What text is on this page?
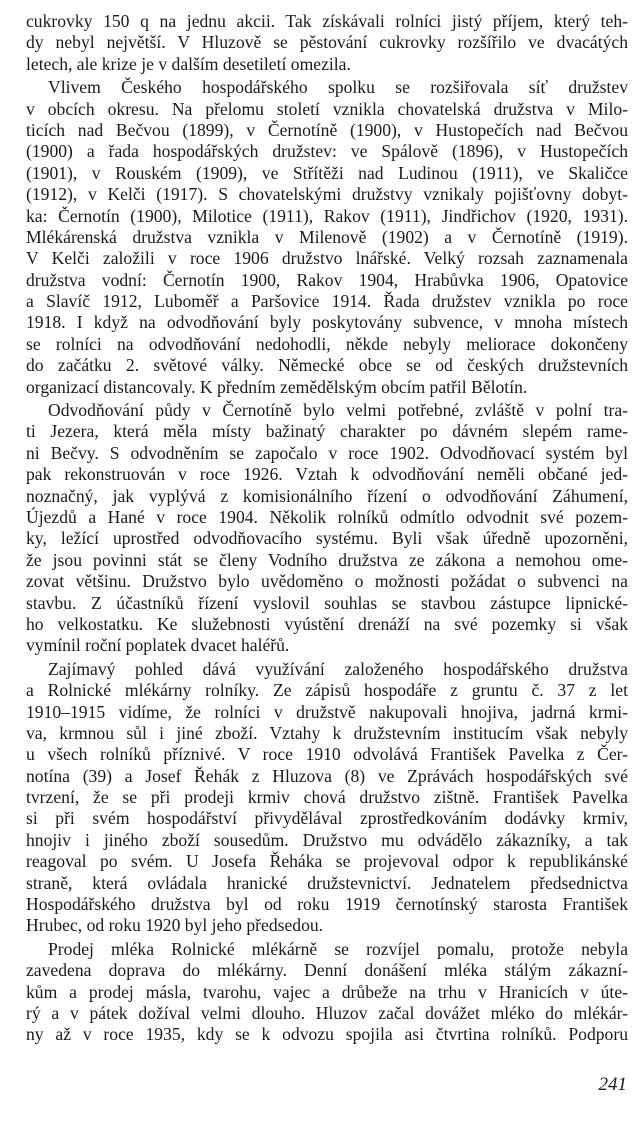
cukrovky 150 q na jednu akcii. Tak získávali rolníci jistý příjem, který teh-
dy nebyl největší. V Hluzově se pěstování cukrovky rozšířilo ve dvacátých
letech, ale krize je v dalším desetiletí omezila.
Vlivem Českého hospodářského spolku se rozšiřovala síť družstev
v obcích okresu. Na přelomu století vznikla chovatelská družstva v Milo-
ticích nad Bečvou (1899), v Černotíně (1900), v Hustopečích nad Bečvou
(1900) a řada hospodářských družstev: ve Spálově (1896), v Hustopečích
(1901), v Rouském (1909), ve Střítěži nad Ludinou (1911), ve Skaličce
(1912), v Kelči (1917). S chovatelskými družstvy vznikaly pojišťovny dobyt-
ka: Černotín (1900), Milotice (1911), Rakov (1911), Jindřichov (1920, 1931).
Mlékárenská družstva vznikla v Milenově (1902) a v Černotíně (1919).
V Kelči založili v roce 1906 družstvo lnářské. Velký rozsah zaznamenala
družstva vodní: Černotín 1900, Rakov 1904, Hrabůvka 1906, Opatovice
a Slavíč 1912, Luboměř a Paršovice 1914. Řada družstev vznikla po roce
1918. I když na odvodňování byly poskytovány subvence, v mnoha místech
se rolníci na odvodňování nedohodli, někde nebyly meliorace dokončeny
do začátku 2. světové války. Německé obce se od českých družstevních
organizací distancovaly. K předním zemědělským obcím patřil Bělotín.
Odvodňování půdy v Černotíně bylo velmi potřebné, zvláště v polní tra-
ti Jezera, která měla místy bažinatý charakter po dávném slepém rame-
ni Bečvy. S odvodněním se započalo v roce 1902. Odvodňovací systém byl
pak rekonstruován v roce 1926. Vztah k odvodňování neměli občané jed-
noznačný, jak vyplývá z komisionálního řízení o odvodňování Záhumení,
Újezdů a Hané v roce 1904. Několik rolníků odmítlo odvodnit své pozem-
ky, ležící uprostřed odvodňovacího systému. Byli však úředně upozorněni,
že jsou povinni stát se členy Vodního družstva ze zákona a nemohou ome-
zovat většinu. Družstvo bylo uvědoměno o možnosti požádat o subvenci na
stavbu. Z účastníků řízení vyslovil souhlas se stavbou zástupce lipnické-
ho velkostatku. Ke služebnosti vyústění drenáží na své pozemky si však
vymínil roční poplatek dvacet haléřů.
Zajímavý pohled dává využívání založeného hospodářského družstva
a Rolnické mlékárny rolníky. Ze zápisů hospodáře z gruntu č. 37 z let
1910–1915 vidíme, že rolníci v družstvě nakupovali hnojiva, jadrná krmi-
va, krmnou sůl i jiné zboží. Vztahy k družstevním institucím však nebyly
u všech rolníků příznivé. V roce 1910 odvolává František Pavelka z Čer-
notína (39) a Josef Řehák z Hluzova (8) ve Zprávách hospodářských své
tvrzení, že se při prodeji krmiv chová družstvo zištně. František Pavelka
si při svém hospodářství přivydělával zprostředkováním dodávky krmiv,
hnojiv i jiného zboží sousedům. Družstvo mu odvádělo zákazníky, a tak
reagoval po svém. U Josefa Řeháka se projevoval odpor k republikánské
straně, která ovládala hranické družstevnictví. Jednatelem předsednictva
Hospodářského družstva byl od roku 1919 černotínský starosta František
Hrubec, od roku 1920 byl jeho předsedou.
Prodej mléka Rolnické mlékárně se rozvíjel pomalu, protože nebyla
zavedena doprava do mlékárny. Denní donášení mléka stálým zákazní-
kům a prodej másla, tvarohu, vajec a drůbeže na trhu v Hranicích v úte-
rý a v pátek dožíval velmi dlouho. Hluzov začal dovážet mléko do mlékár-
ny až v roce 1935, kdy se k odvozu spojila asi čtvrtina rolníků. Podporu
241
